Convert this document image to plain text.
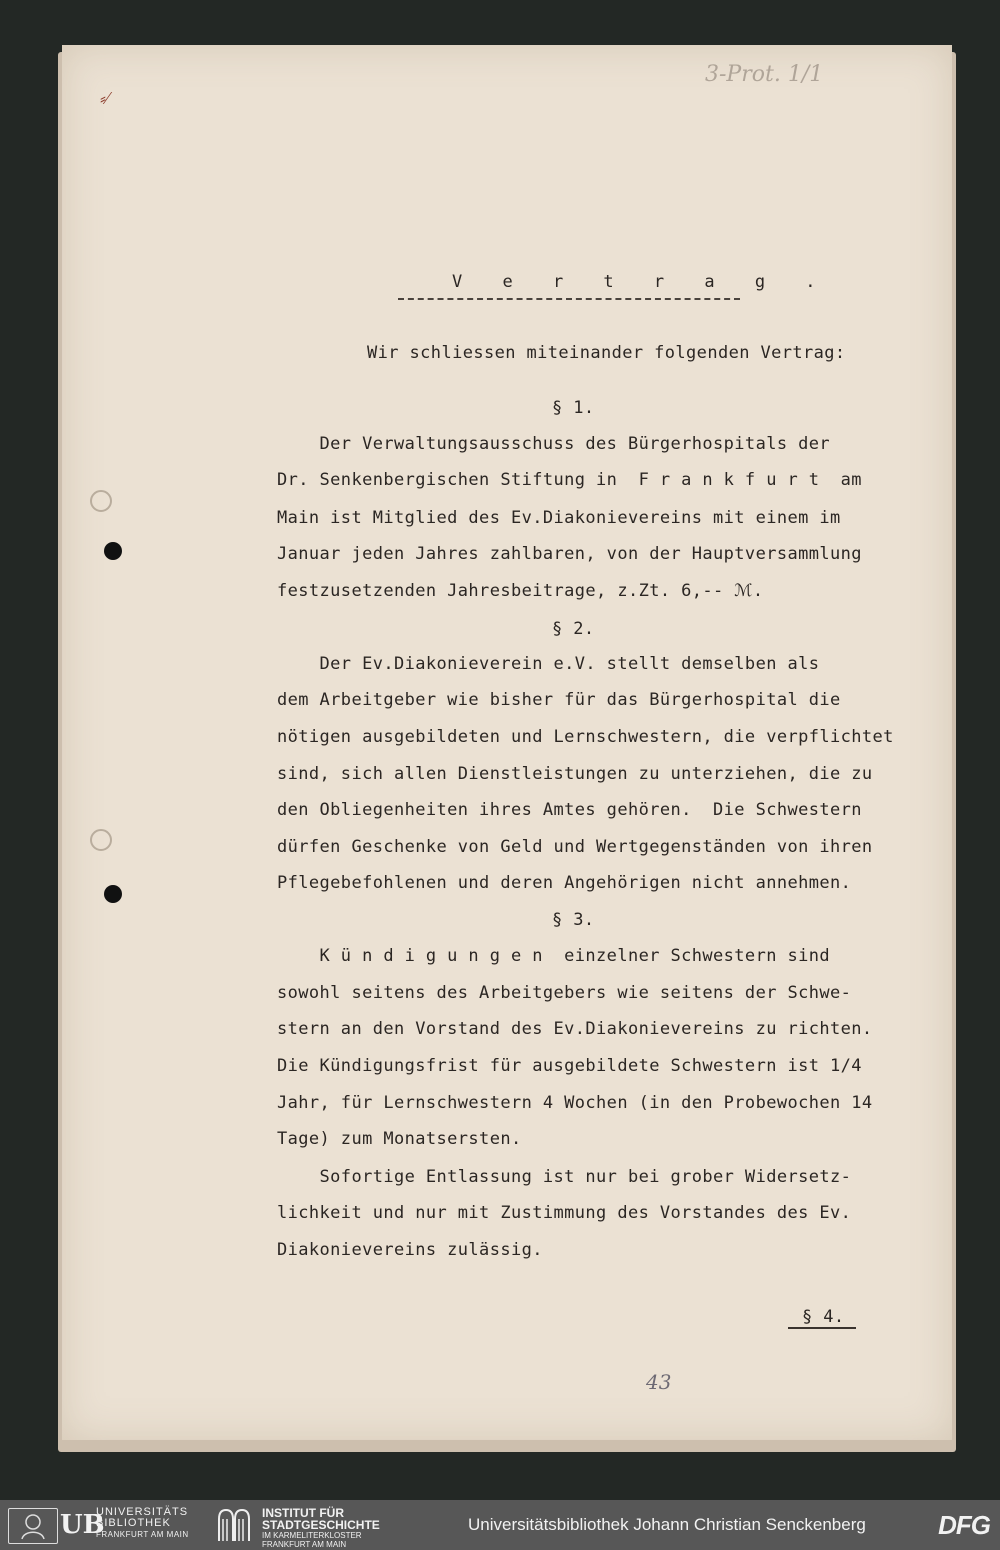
⸗⁄
3-Prot. 1/1
V e r t r a g .
Wir schliessen miteinander folgenden Vertrag:
§ 1.
Der Verwaltungsausschuss des Bürgerhospitals der
Dr. Senkenbergischen Stiftung in  F r a n k f u r t  am
Main ist Mitglied des Ev.Diakonievereins mit einem im
Januar jeden Jahres zahlbaren, von der Hauptversammlung
festzusetzenden Jahresbeitrage, z.Zt. 6,-- ℳ.
§ 2.
Der Ev.Diakonieverein e.V. stellt demselben als
dem Arbeitgeber wie bisher für das Bürgerhospital die
nötigen ausgebildeten und Lernschwestern, die verpflichtet
sind, sich allen Dienstleistungen zu unterziehen, die zu
den Obliegenheiten ihres Amtes gehören.  Die Schwestern
dürfen Geschenke von Geld und Wertgegenständen von ihren
Pflegebefohlenen und deren Angehörigen nicht annehmen.
§ 3.
K ü n d i g u n g e n  einzelner Schwestern sind
sowohl seitens des Arbeitgebers wie seitens der Schwe-
stern an den Vorstand des Ev.Diakonievereins zu richten.
Die Kündigungsfrist für ausgebildete Schwestern ist 1/4
Jahr, für Lernschwestern 4 Wochen (in den Probewochen 14
Tage) zum Monatsersten.
Sofortige Entlassung ist nur bei grober Widersetz-
lichkeit und nur mit Zustimmung des Vorstandes des Ev.
Diakonievereins zulässig.
§ 4.
43
UB
UNIVERSITÄTS
BIBLIOTHEK
FRANKFURT AM MAIN
INSTITUT FÜR
STADTGESCHICHTE
IM KARMELITERKLOSTER
FRANKFURT AM MAIN
Universitätsbibliothek Johann Christian Senckenberg	DFG
